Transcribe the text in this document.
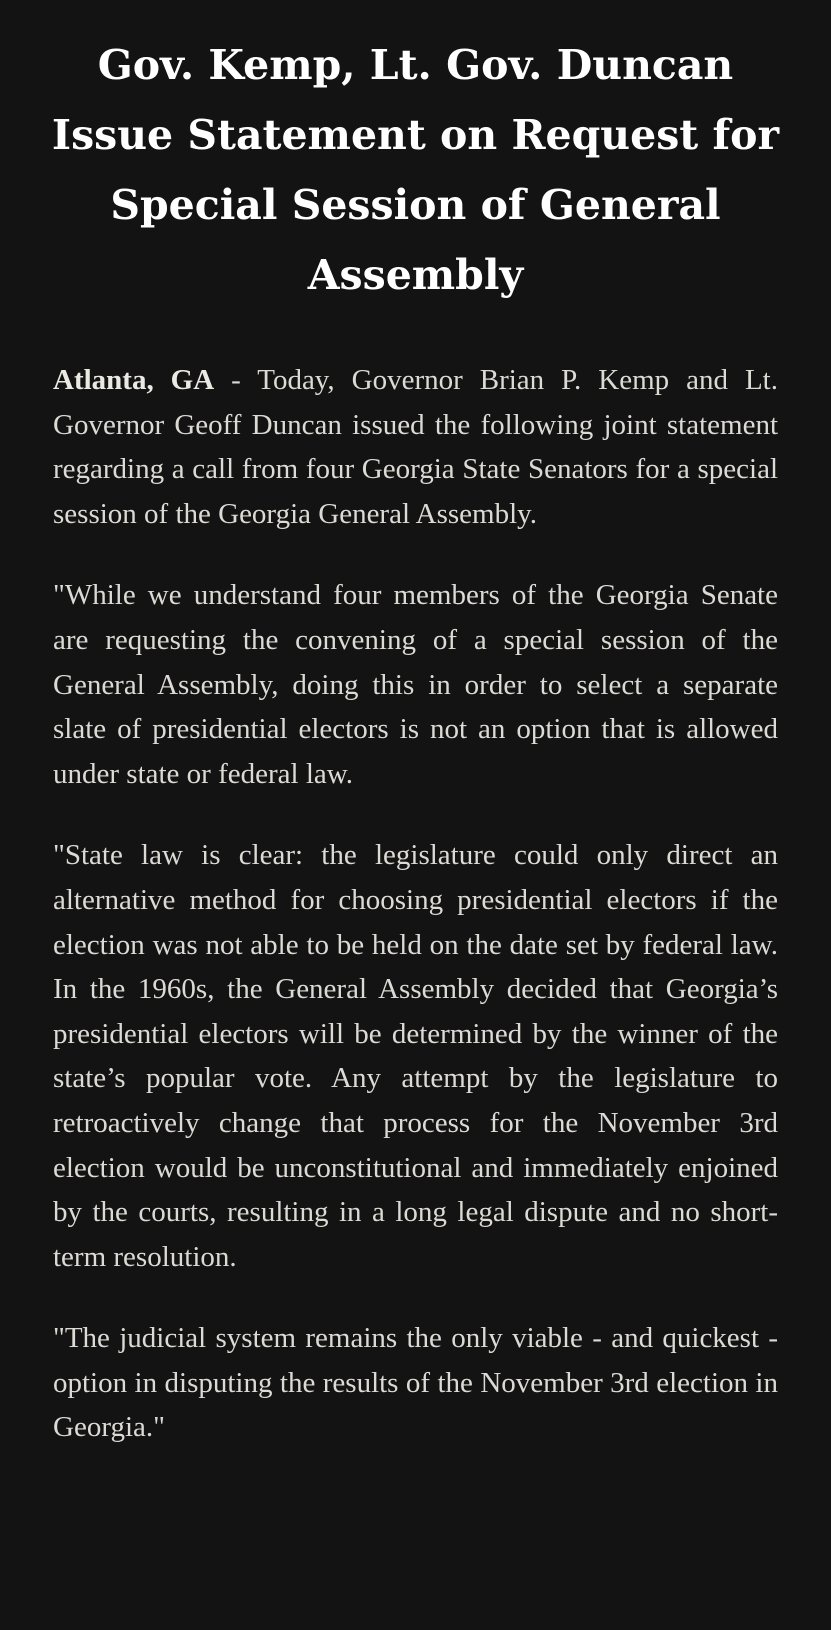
Gov. Kemp, Lt. Gov. Duncan Issue Statement on Request for Special Session of General Assembly

Atlanta, GA - Today, Governor Brian P. Kemp and Lt. Governor Geoff Duncan issued the following joint statement regarding a call from four Georgia State Senators for a special session of the Georgia General Assembly.

"While we understand four members of the Georgia Senate are requesting the convening of a special session of the General Assembly, doing this in order to select a separate slate of presidential electors is not an option that is allowed under state or federal law.

"State law is clear: the legislature could only direct an alternative method for choosing presidential electors if the election was not able to be held on the date set by federal law. In the 1960s, the General Assembly decided that Georgia’s presidential electors will be determined by the winner of the state’s popular vote. Any attempt by the legislature to retroactively change that process for the November 3rd election would be unconstitutional and immediately enjoined by the courts, resulting in a long legal dispute and no short-term resolution.

"The judicial system remains the only viable - and quickest - option in disputing the results of the November 3rd election in Georgia."
